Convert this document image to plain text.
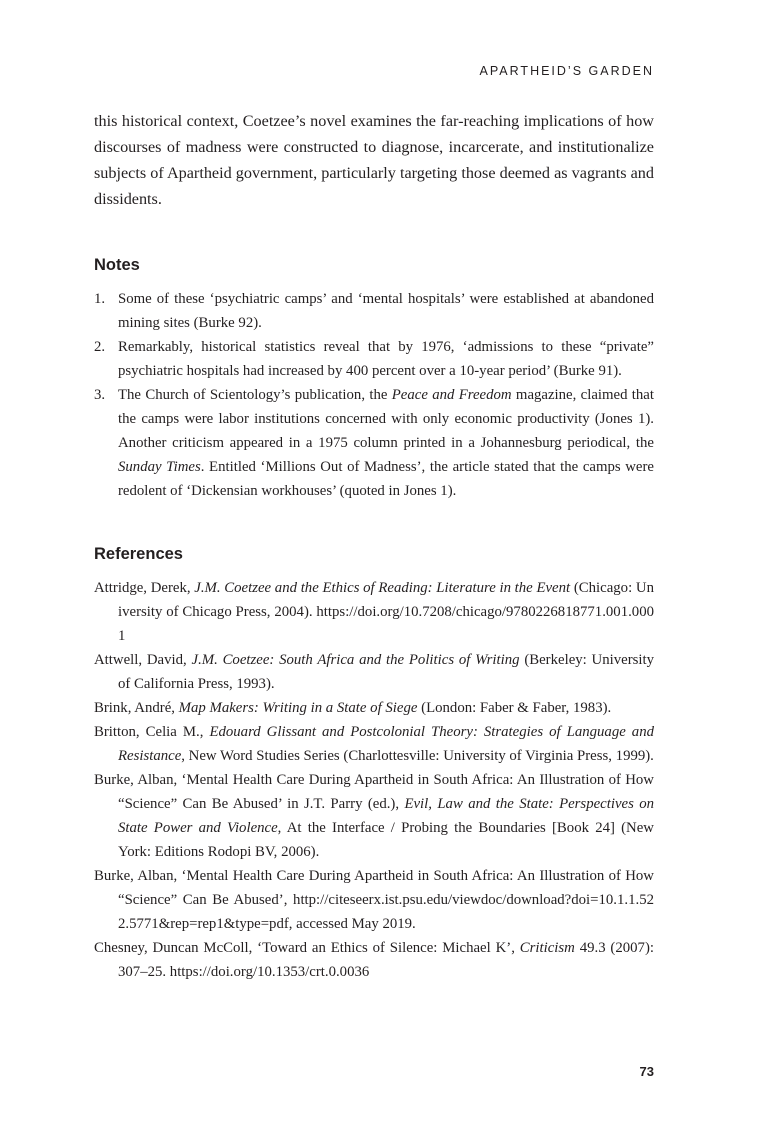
APARTHEID’S GARDEN

this historical context, Coetzee’s novel examines the far-reaching implications of how discourses of madness were constructed to diagnose, incarcerate, and institutionalize subjects of Apartheid government, particularly targeting those deemed as vagrants and dissidents.

Notes
1. Some of these ‘psychiatric camps’ and ‘mental hospitals’ were established at abandoned mining sites (Burke 92).
2. Remarkably, historical statistics reveal that by 1976, ‘admissions to these “private” psychiatric hospitals had increased by 400 percent over a 10-year period’ (Burke 91).
3. The Church of Scientology’s publication, the Peace and Freedom magazine, claimed that the camps were labor institutions concerned with only economic productivity (Jones 1). Another criticism appeared in a 1975 column printed in a Johannesburg periodical, the Sunday Times. Entitled ‘Millions Out of Madness’, the article stated that the camps were redolent of ‘Dickensian workhouses’ (quoted in Jones 1).
References

Attridge, Derek, J.M. Coetzee and the Ethics of Reading: Literature in the Event (Chicago: University of Chicago Press, 2004). https://doi.org/10.7208/chicago/9780226818771.001.0001

Attwell, David, J.M. Coetzee: South Africa and the Politics of Writing (Berkeley: University of California Press, 1993).

Brink, André, Map Makers: Writing in a State of Siege (London: Faber & Faber, 1983).

Britton, Celia M., Edouard Glissant and Postcolonial Theory: Strategies of Language and Resistance, New Word Studies Series (Charlottesville: University of Virginia Press, 1999).

Burke, Alban, ‘Mental Health Care During Apartheid in South Africa: An Illustration of How “Science” Can Be Abused’ in J.T. Parry (ed.), Evil, Law and the State: Perspectives on State Power and Violence, At the Interface / Probing the Boundaries [Book 24] (New York: Editions Rodopi BV, 2006).

Burke, Alban, ‘Mental Health Care During Apartheid in South Africa: An Illustration of How “Science” Can Be Abused’, http://citeseerx.ist.psu.edu/viewdoc/download?doi=10.1.1.522.5771&rep=rep1&type=pdf, accessed May 2019.

Chesney, Duncan McColl, ‘Toward an Ethics of Silence: Michael K’, Criticism 49.3 (2007): 307–25. https://doi.org/10.1353/crt.0.0036

73
